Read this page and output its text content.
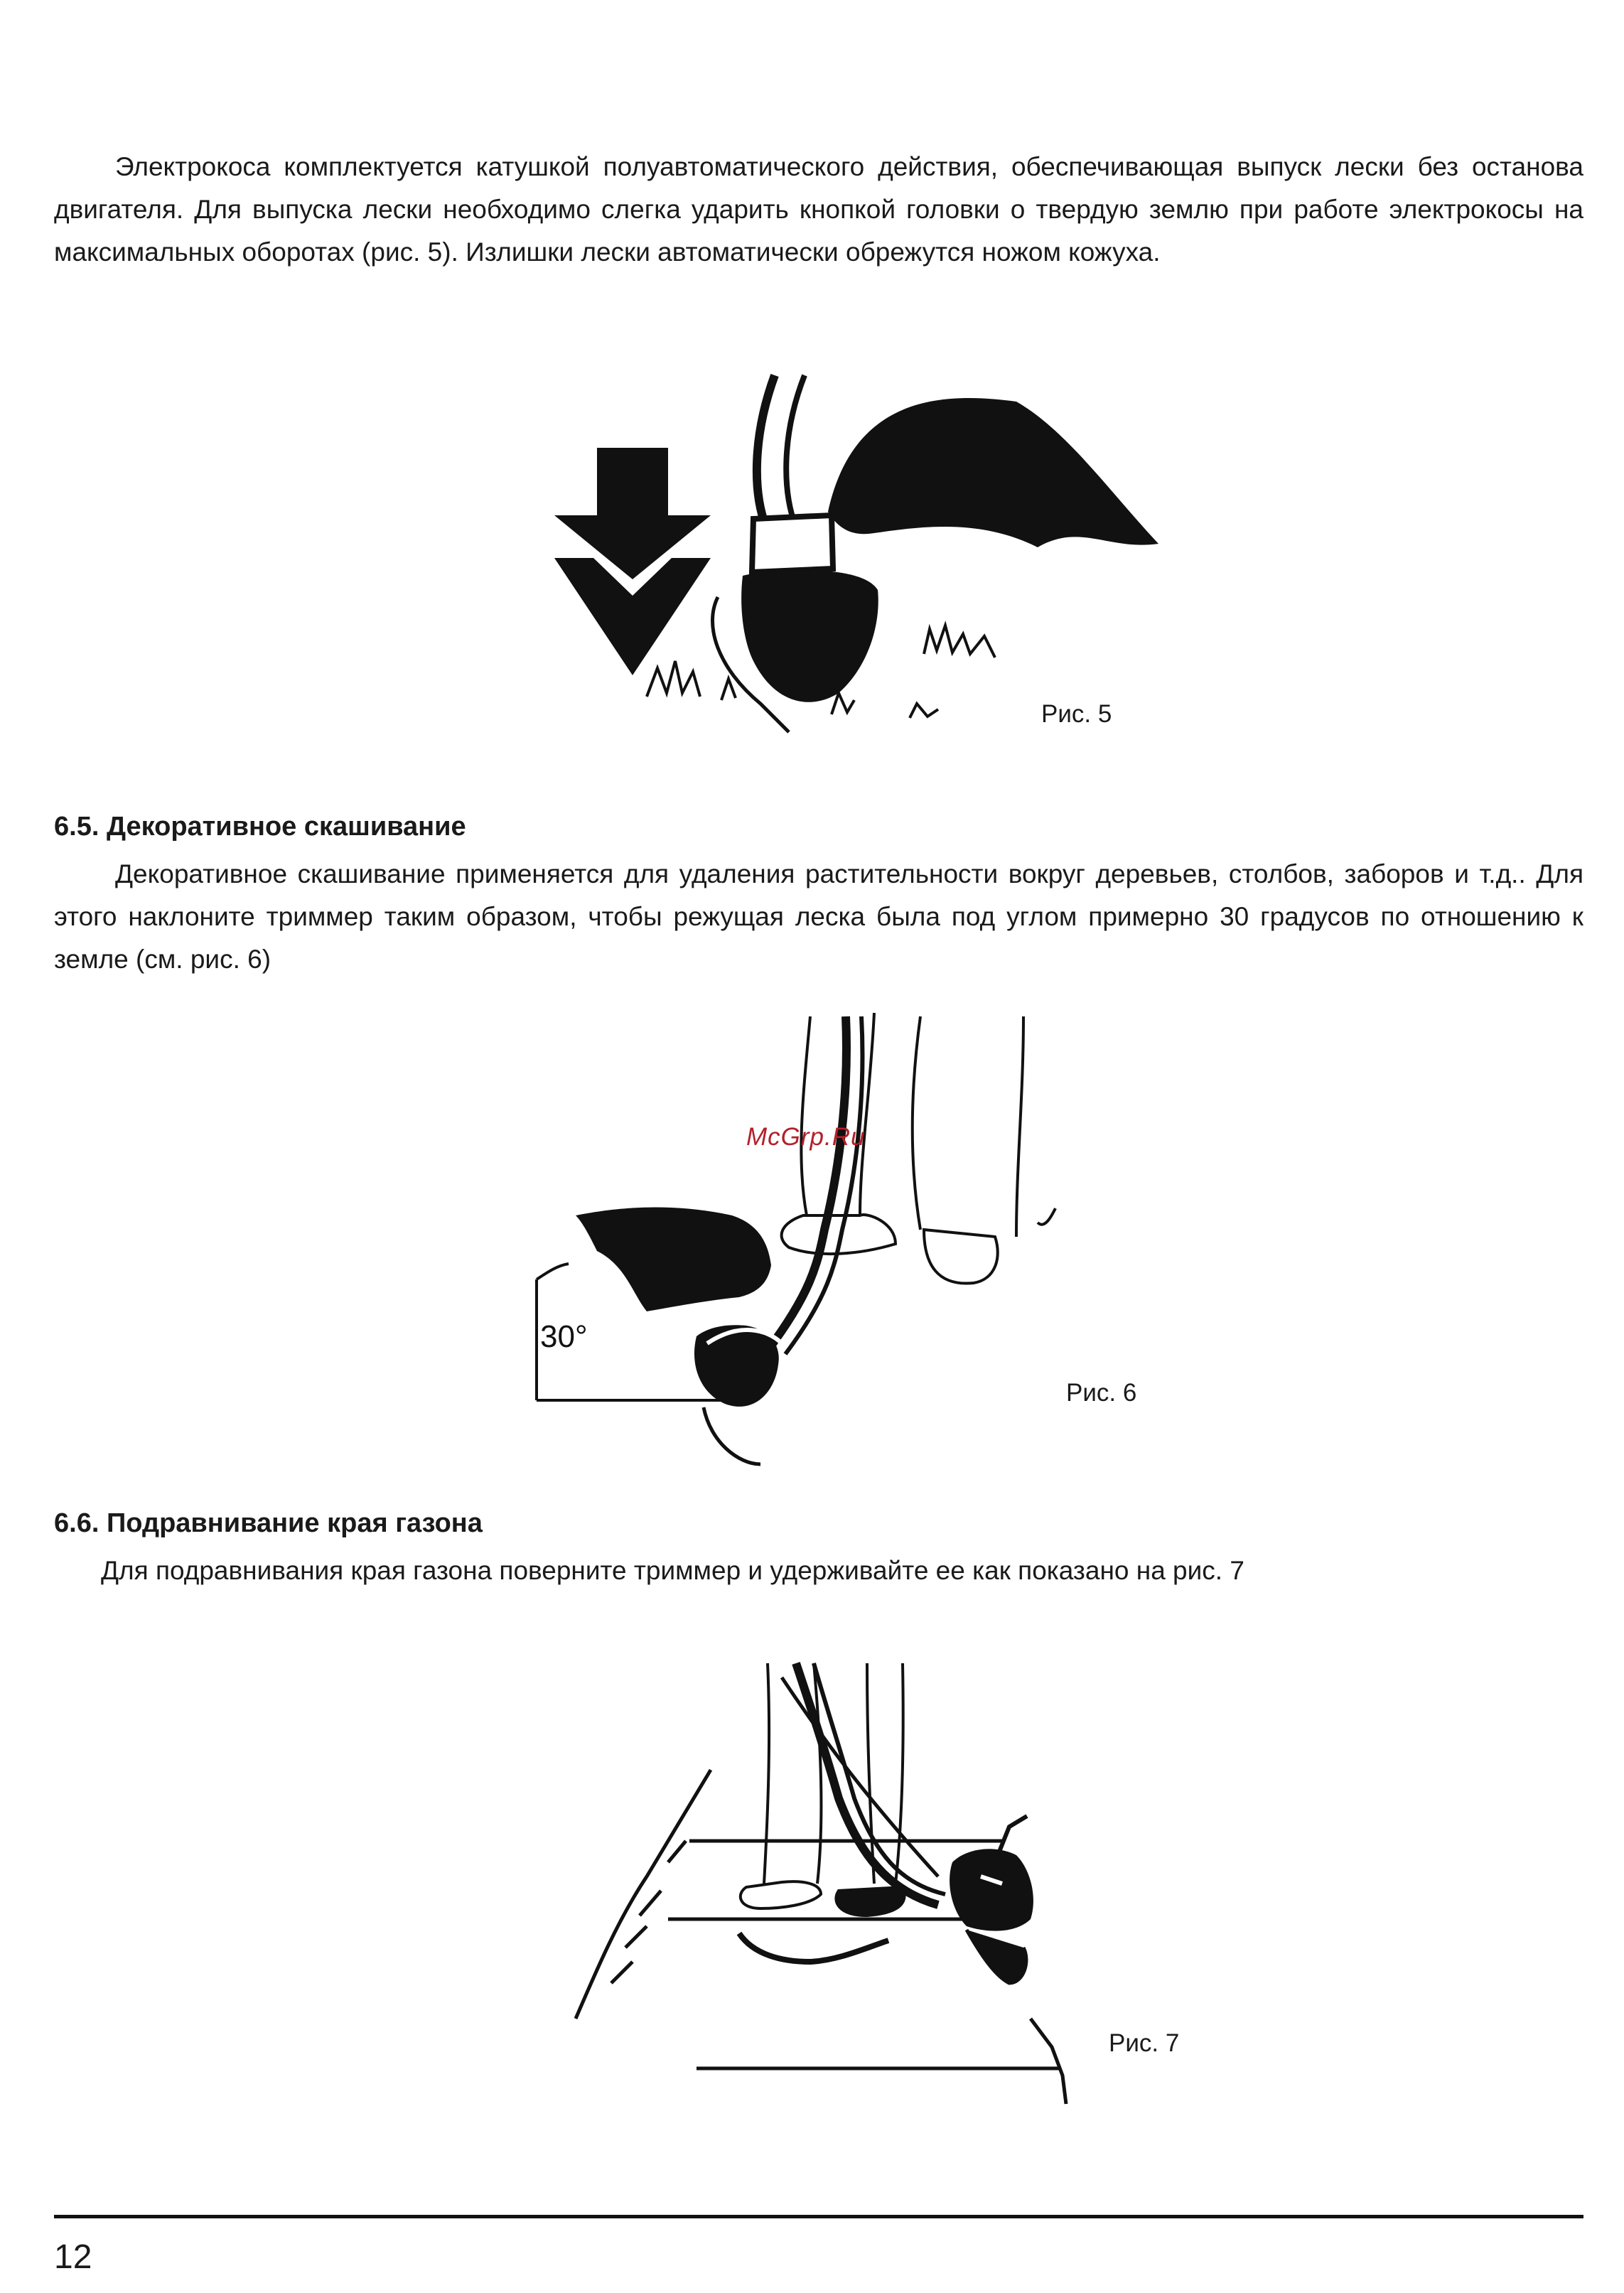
Электрокоса комплектуется катушкой полуавтоматического действия, обеспечивающая выпуск лески без останова двигателя. Для выпуска лески необходимо слегка ударить кнопкой головки о твердую землю при работе электрокосы на максимальных оборотах (рис. 5). Излишки лески автоматически обрежутся ножом кожуха.

Рис. 5
6.5. Декоративное скашивание

Декоративное скашивание применяется для удаления растительности вокруг деревьев, столбов, заборов и т.д.. Для этого наклоните триммер таким образом, чтобы режущая леска была под углом примерно 30 градусов по отношению к земле (см. рис. 6)

30°
Рис. 6
6.6. Подравнивание края газона

Для подравнивания края газона поверните триммер и удерживайте ее как показано на рис. 7

Рис. 7
McGrp.Ru
12
